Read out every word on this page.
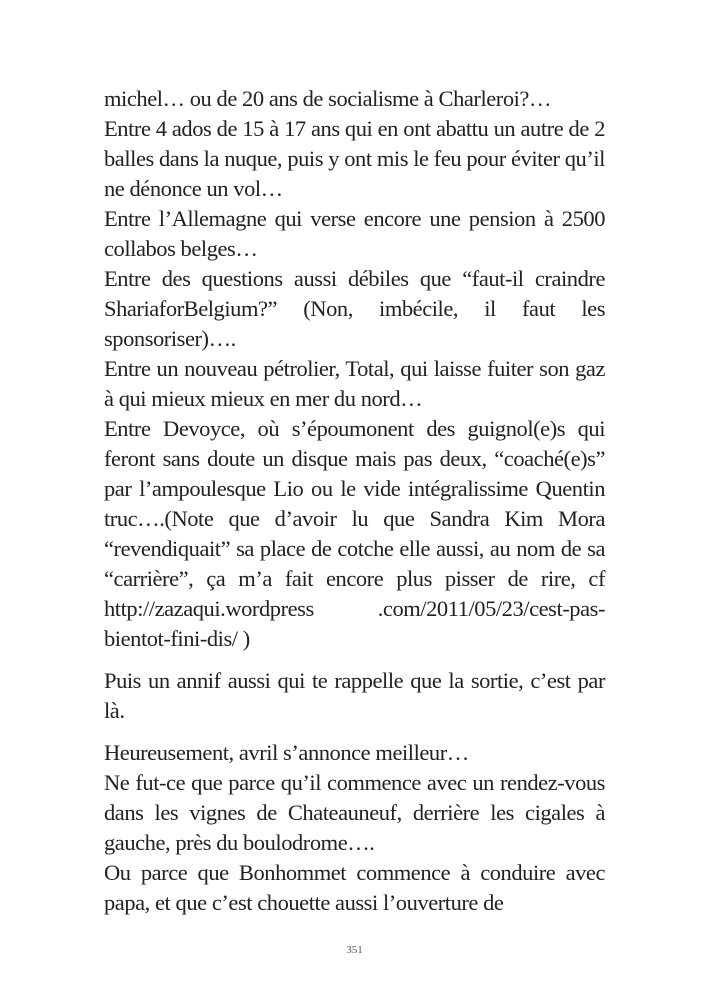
michel… ou de 20 ans de socialisme à Charleroi?…

Entre 4 ados de 15 à 17 ans qui en ont abattu un autre de 2 balles dans la nuque, puis y ont mis le feu pour éviter qu’il ne dénonce un vol…

Entre l’Allemagne qui verse encore une pension à 2500 collabos belges…

Entre des questions aussi débiles que “faut-il craindre ShariaforBelgium?” (Non, imbécile, il faut les sponsoriser)….

Entre un nouveau pétrolier, Total, qui laisse fuiter son gaz à qui mieux mieux en mer du nord…

Entre Devoyce, où s’époumonent des guignol(e)s qui feront sans doute un disque mais pas deux, “coaché(e)s” par l’ampoulesque Lio ou le vide intégralissime Quentin truc….(Note que d’avoir lu que Sandra Kim Mora “revendiquait” sa place de cotche elle aussi, au nom de sa “carrière”, ça m’a fait encore plus pisser de rire, cf http://zazaqui.wordpress .com/2011/05/23/cest-pas-bientot-fini-dis/ )

Puis un annif aussi qui te rappelle que la sortie, c’est par là.

Heureusement, avril s’annonce meilleur…

Ne fut-ce que parce qu’il commence avec un rendez-vous dans les vignes de Chateauneuf, derrière les cigales à gauche, près du boulodrome….

Ou parce que Bonhommet commence à conduire avec papa, et que c’est chouette aussi l’ouverture de

351
